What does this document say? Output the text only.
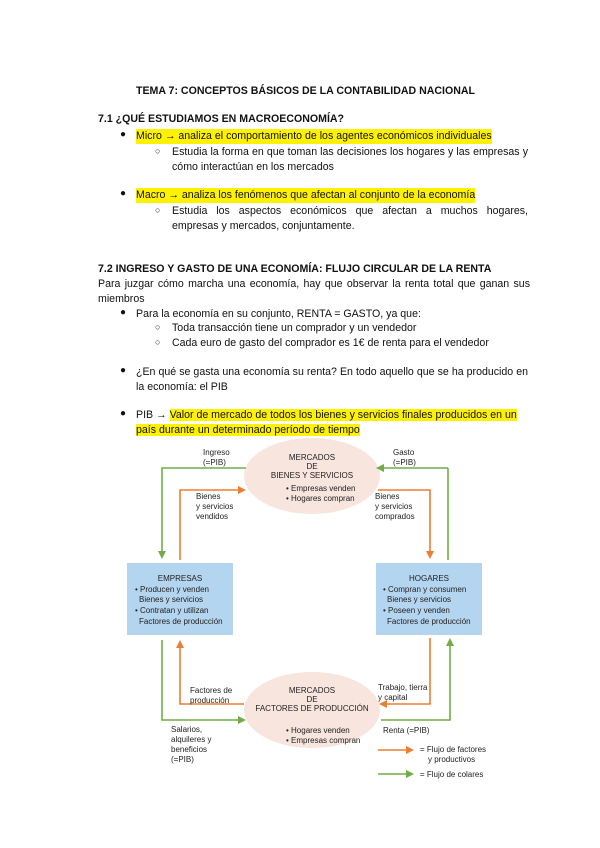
TEMA 7: CONCEPTOS BÁSICOS DE LA CONTABILIDAD NACIONAL
7.1 ¿QUÉ ESTUDIAMOS EN MACROECONOMÍA?
● Micro → analiza el comportamiento de los agentes económicos individuales
○ Estudia la forma en que toman las decisiones los hogares y las empresas y cómo interactúan en los mercados
● Macro → analiza los fenómenos que afectan al conjunto de la economía
○ Estudia los aspectos económicos que afectan a muchos hogares, empresas y mercados, conjuntamente.
7.2 INGRESO Y GASTO DE UNA ECONOMÍA: FLUJO CIRCULAR DE LA RENTA
Para juzgar cómo marcha una economía, hay que observar la renta total que ganan sus miembros
● Para la economía en su conjunto, RENTA = GASTO, ya que:
○ Toda transacción tiene un comprador y un vendedor
○ Cada euro de gasto del comprador es 1€ de renta para el vendedor
● ¿En qué se gasta una economía su renta? En todo aquello que se ha producido en la economía: el PIB
● PIB → Valor de mercado de todos los bienes y servicios finales producidos en un país durante un determinado período de tiempo
MERCADOS
DE
BIENES Y SERVICIOS
• Empresas venden
• Hogares compran
MERCADOS
DE
FACTORES DE PRODUCCIÓN
• Hogares venden
• Empresas compran
EMPRESAS
• Producen y venden
Bienes y servicios
• Contratan y utilizan
Factores de producción
HOGARES
• Compran y consumen
Bienes y servicios
• Poseen y venden
Factores de producción
Ingreso
(=PIB)
Gasto
(=PIB)
Bienes
y servicios
vendidos
Bienes
y servicios
comprados
Factores de
producción
Trabajo, tierra
y capital
Salarios,
alquileres y
beneficios
(=PIB)
Renta (=PIB)
= Flujo de factores
y productivos
= Flujo de colares
